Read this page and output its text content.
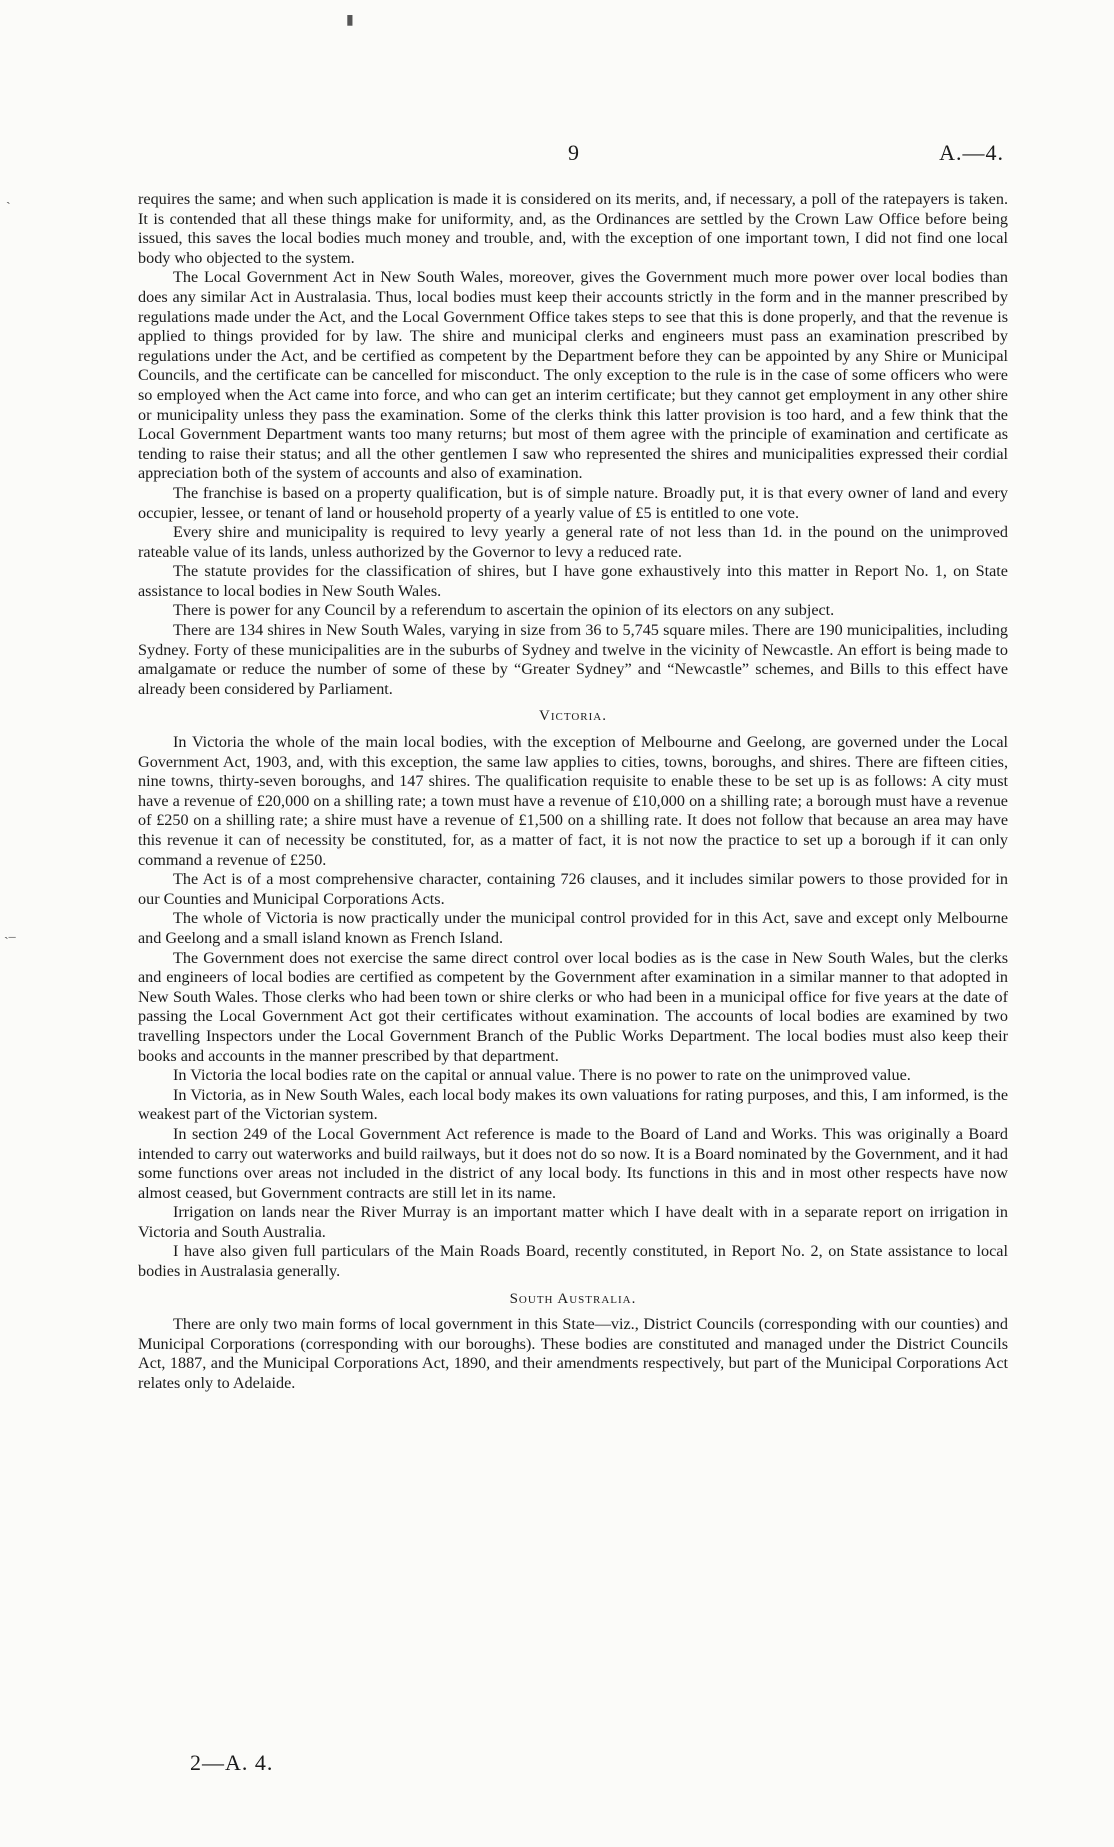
▮
ˎ
ˎ_
9	A.—4.

requires the same; and when such application is made it is considered on its merits, and, if necessary, a poll of the ratepayers is taken. It is contended that all these things make for uniformity, and, as the Ordinances are settled by the Crown Law Office before being issued, this saves the local bodies much money and trouble, and, with the exception of one important town, I did not find one local body who objected to the system.

The Local Government Act in New South Wales, moreover, gives the Government much more power over local bodies than does any similar Act in Australasia. Thus, local bodies must keep their accounts strictly in the form and in the manner prescribed by regulations made under the Act, and the Local Government Office takes steps to see that this is done properly, and that the revenue is applied to things provided for by law. The shire and municipal clerks and engineers must pass an examination prescribed by regulations under the Act, and be certified as competent by the Department before they can be appointed by any Shire or Municipal Councils, and the certificate can be cancelled for misconduct. The only exception to the rule is in the case of some officers who were so employed when the Act came into force, and who can get an interim certificate; but they cannot get employment in any other shire or municipality unless they pass the examination. Some of the clerks think this latter provision is too hard, and a few think that the Local Government Department wants too many returns; but most of them agree with the principle of examination and certificate as tending to raise their status; and all the other gentlemen I saw who represented the shires and municipalities expressed their cordial appreciation both of the system of accounts and also of examination.

The franchise is based on a property qualification, but is of simple nature. Broadly put, it is that every owner of land and every occupier, lessee, or tenant of land or household property of a yearly value of £5 is entitled to one vote.

Every shire and municipality is required to levy yearly a general rate of not less than 1d. in the pound on the unimproved rateable value of its lands, unless authorized by the Governor to levy a reduced rate.

The statute provides for the classification of shires, but I have gone exhaustively into this matter in Report No. 1, on State assistance to local bodies in New South Wales.

There is power for any Council by a referendum to ascertain the opinion of its electors on any subject.

There are 134 shires in New South Wales, varying in size from 36 to 5,745 square miles. There are 190 municipalities, including Sydney. Forty of these municipalities are in the suburbs of Sydney and twelve in the vicinity of Newcastle. An effort is being made to amalgamate or reduce the number of some of these by “Greater Sydney” and “Newcastle” schemes, and Bills to this effect have already been considered by Parliament.

Victoria.

In Victoria the whole of the main local bodies, with the exception of Melbourne and Geelong, are governed under the Local Government Act, 1903, and, with this exception, the same law applies to cities, towns, boroughs, and shires. There are fifteen cities, nine towns, thirty-seven boroughs, and 147 shires. The qualification requisite to enable these to be set up is as follows: A city must have a revenue of £20,000 on a shilling rate; a town must have a revenue of £10,000 on a shilling rate; a borough must have a revenue of £250 on a shilling rate; a shire must have a revenue of £1,500 on a shilling rate. It does not follow that because an area may have this revenue it can of necessity be constituted, for, as a matter of fact, it is not now the practice to set up a borough if it can only command a revenue of £250.

The Act is of a most comprehensive character, containing 726 clauses, and it includes similar powers to those provided for in our Counties and Municipal Corporations Acts.

The whole of Victoria is now practically under the municipal control provided for in this Act, save and except only Melbourne and Geelong and a small island known as French Island.

The Government does not exercise the same direct control over local bodies as is the case in New South Wales, but the clerks and engineers of local bodies are certified as competent by the Government after examination in a similar manner to that adopted in New South Wales. Those clerks who had been town or shire clerks or who had been in a municipal office for five years at the date of passing the Local Government Act got their certificates without examination. The accounts of local bodies are examined by two travelling Inspectors under the Local Government Branch of the Public Works Department. The local bodies must also keep their books and accounts in the manner prescribed by that department.

In Victoria the local bodies rate on the capital or annual value. There is no power to rate on the unimproved value.

In Victoria, as in New South Wales, each local body makes its own valuations for rating purposes, and this, I am informed, is the weakest part of the Victorian system.

In section 249 of the Local Government Act reference is made to the Board of Land and Works. This was originally a Board intended to carry out waterworks and build railways, but it does not do so now. It is a Board nominated by the Government, and it had some functions over areas not included in the district of any local body. Its functions in this and in most other respects have now almost ceased, but Government contracts are still let in its name.

Irrigation on lands near the River Murray is an important matter which I have dealt with in a separate report on irrigation in Victoria and South Australia.

I have also given full particulars of the Main Roads Board, recently constituted, in Report No. 2, on State assistance to local bodies in Australasia generally.

South Australia.

There are only two main forms of local government in this State—viz., District Councils (corresponding with our counties) and Municipal Corporations (corresponding with our boroughs). These bodies are constituted and managed under the District Councils Act, 1887, and the Municipal Corporations Act, 1890, and their amendments respectively, but part of the Municipal Corporations Act relates only to Adelaide.

2—A. 4.
